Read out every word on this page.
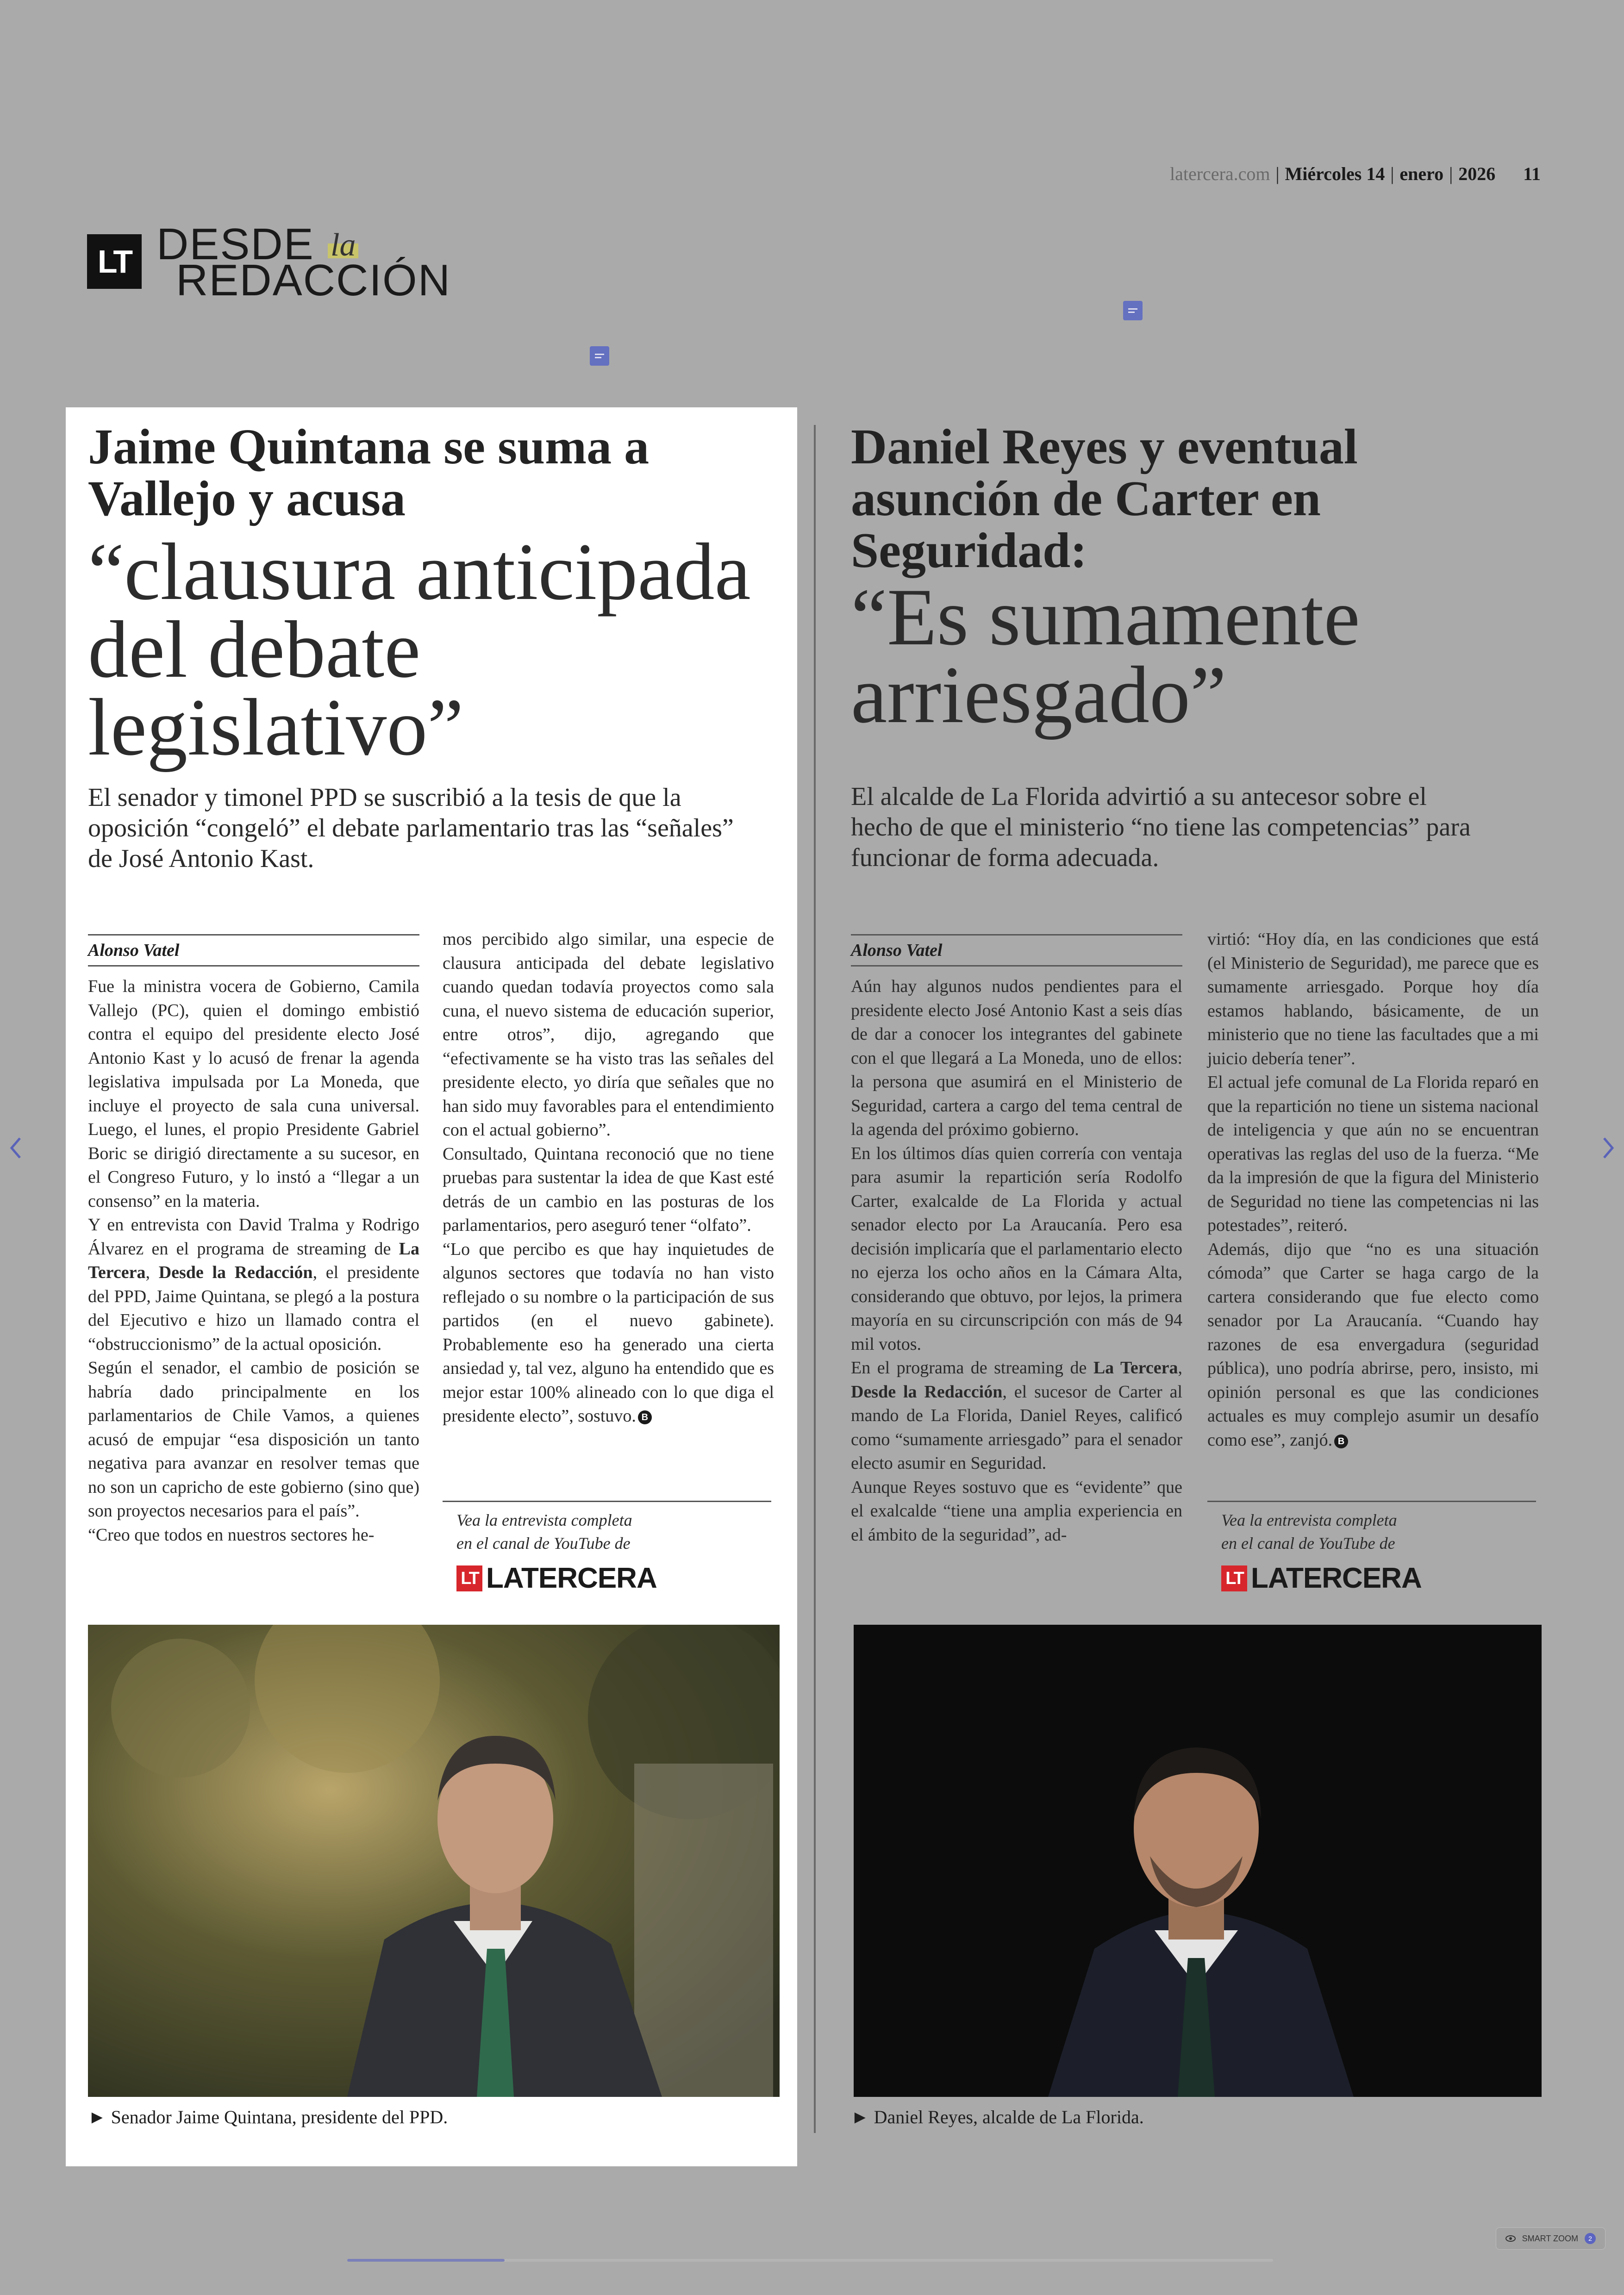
latercera.com | Miércoles 14 | enero | 2026 11
LT DESDE la
REDACCIÓN
Jaime Quintana se suma a Vallejo y acusa
“clausura anticipada del debate legislativo”
El senador y timonel PPD se suscribió a la tesis de que la oposición “congeló” el debate parlamentario tras las “señales” de José Antonio Kast.
Alonso Vatel

Fue la ministra vocera de Gobierno, Camila Vallejo (PC), quien el domingo embistió contra el equipo del presidente electo José Antonio Kast y lo acusó de frenar la agenda legislativa impulsada por La Moneda, que incluye el proyecto de sala cuna universal. Luego, el lunes, el propio Presidente Gabriel Boric se dirigió directamente a su sucesor, en el Congreso Futuro, y lo instó a “llegar a un consenso” en la materia.

Y en entrevista con David Tralma y Rodrigo Álvarez en el programa de streaming de La Tercera, Desde la Redacción, el presidente del PPD, Jaime Quintana, se plegó a la postura del Ejecutivo e hizo un llamado contra el “obstruccionismo” de la actual oposición.

Según el senador, el cambio de posición se habría dado principalmente en los parlamentarios de Chile Vamos, a quienes acusó de empujar “esa disposición un tanto negativa para avanzar en resolver temas que no son un capricho de este gobierno (sino que) son proyectos necesarios para el país”.

“Creo que todos en nuestros sectores he-

mos percibido algo similar, una especie de clausura anticipada del debate legislativo cuando quedan todavía proyectos como sala cuna, el nuevo sistema de educación superior, entre otros”, dijo, agregando que “efectivamente se ha visto tras las señales del presidente electo, yo diría que señales que no han sido muy favorables para el entendimiento con el actual gobierno”.

Consultado, Quintana reconoció que no tiene pruebas para sustentar la idea de que Kast esté detrás de un cambio en las posturas de los parlamentarios, pero aseguró tener “olfato”.

“Lo que percibo es que hay inquietudes de algunos sectores que todavía no han visto reflejado o su nombre o la participación de sus partidos (en el nuevo gabinete). Probablemente eso ha generado una cierta ansiedad y, tal vez, alguno ha entendido que es mejor estar 100% alineado con lo que diga el presidente electo”, sostuvo. B

Vea la entrevista completa
en el canal de YouTube de
LT LATERCERA
► Senador Jaime Quintana, presidente del PPD.
Daniel Reyes y eventual asunción de Carter en Seguridad:
“Es sumamente arriesgado”
El alcalde de La Florida advirtió a su antecesor sobre el hecho de que el ministerio “no tiene las competencias” para funcionar de forma adecuada.
Alonso Vatel

Aún hay algunos nudos pendientes para el presidente electo José Antonio Kast a seis días de dar a conocer los integrantes del gabinete con el que llegará a La Moneda, uno de ellos: la persona que asumirá en el Ministerio de Seguridad, cartera a cargo del tema central de la agenda del próximo gobierno.

En los últimos días quien correría con ventaja para asumir la repartición sería Rodolfo Carter, exalcalde de La Florida y actual senador electo por La Araucanía. Pero esa decisión implicaría que el parlamentario electo no ejerza los ocho años en la Cámara Alta, considerando que obtuvo, por lejos, la primera mayoría en su circunscripción con más de 94 mil votos.

En el programa de streaming de La Tercera, Desde la Redacción, el sucesor de Carter al mando de La Florida, Daniel Reyes, calificó como “sumamente arriesgado” para el senador electo asumir en Seguridad.

Aunque Reyes sostuvo que es “evidente” que el exalcalde “tiene una amplia experiencia en el ámbito de la seguridad”, ad-

virtió: “Hoy día, en las condiciones que está (el Ministerio de Seguridad), me parece que es sumamente arriesgado. Porque hoy día estamos hablando, básicamente, de un ministerio que no tiene las facultades que a mi juicio debería tener”.

El actual jefe comunal de La Florida reparó en que la repartición no tiene un sistema nacional de inteligencia y que aún no se encuentran operativas las reglas del uso de la fuerza. “Me da la impresión de que la figura del Ministerio de Seguridad no tiene las competencias ni las potestades”, reiteró.

Además, dijo que “no es una situación cómoda” que Carter se haga cargo de la cartera considerando que fue electo como senador por La Araucanía. “Cuando hay razones de esa envergadura (seguridad pública), uno podría abrirse, pero, insisto, mi opinión personal es que las condiciones actuales es muy complejo asumir un desafío como ese”, zanjó. B

Vea la entrevista completa
en el canal de YouTube de
LT LATERCERA
► Daniel Reyes, alcalde de La Florida.
SMART ZOOM	2
